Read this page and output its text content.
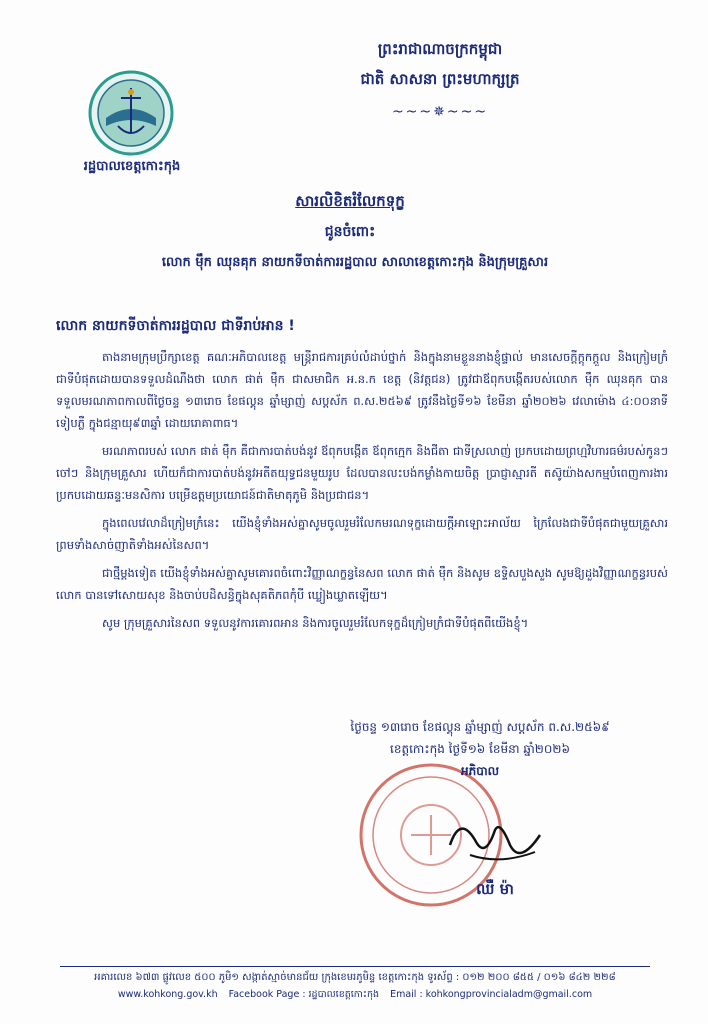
រដ្ឋបាលខេត្តកោះកុង
ព្រះរាជាណាចក្រកម្ពុជា
ជាតិ សាសនា ព្រះមហាក្សត្រ
~~~✵~~~
សារលិខិតរំលែកទុក្ខ
ជូនចំពោះ
លោក ម៉ឹក ឈុនគុក នាយកទីចាត់ការរដ្ឋបាល សាលាខេត្តកោះកុង និងក្រុមគ្រួសារ
លោក នាយកទីចាត់ការរដ្ឋបាល ជាទីរាប់អាន !

តាងនាមក្រុមប្រឹក្សាខេត្ត គណៈអភិបាលខេត្ត មន្ត្រីរាជការគ្រប់លំដាប់ថ្នាក់ និងក្នុងនាមខ្លួននាងខ្ញុំផ្ទាល់ មានសេចក្តីក្តុកក្តួល និងក្រៀមក្រំជាទីបំផុតដោយបានទទួលដំណឹងថា លោក ផាត់ ម៉ឹក ជាសមាជិក អ.ន.ក ខេត្ត (និវត្តជន) ត្រូវជាឪពុកបង្កើតរបស់លោក ម៉ឹក ឈុនគុក បានទទួលមរណភាពកាលពីថ្ងៃចន្ទ ១៣រោច ខែផល្គុន ឆ្នាំម្សាញ់ សប្តស័ក ព.ស.២៥៦៩ ត្រូវនឹងថ្ងៃទី១៦ ខែមីនា ឆ្នាំ២០២៦ វេលាម៉ោង ៤:០០នាទី ទៀបភ្លឺ ក្នុងជន្មាយុ៩៣ឆ្នាំ ដោយរោគាពាធ។

មរណភាពរបស់ លោក ផាត់ ម៉ឹក គឺជាការបាត់បង់នូវ ឪពុកបង្កើត ឪពុកក្មេក និងជីតា ជាទីស្រលាញ់ ប្រកបដោយព្រហ្មវិហារធម៌របស់កូនៗ ចៅៗ និងក្រុមគ្រួសារ ហើយក៏ជាការបាត់បង់នូវអតីតយុទ្ធជនមួយរូប ដែលបានលះបង់កម្លាំងកាយចិត្ត ប្រាជ្ញាស្មារតី តស៊ូយ៉ាងសកម្មបំពេញការងារប្រកបដោយឆន្ទៈមនសិការ បម្រើឧត្តមប្រយោជន៍ជាតិមាតុភូមិ និងប្រជាជន។

ក្នុងពេលវេលាដ៏ក្រៀមក្រំនេះ យើងខ្ញុំទាំងអស់គ្នាសូមចូលរួមរំលែកមរណទុក្ខដោយក្តីអាឡោះអាល័យ ក្រៃលែងជាទីបំផុតជាមួយគ្រួសារ ព្រមទាំងសាច់ញាតិទាំងអស់នៃសព។

ជាថ្មីម្តងទៀត យើងខ្ញុំទាំងអស់គ្នាសូមគោរពចំពោះវិញ្ញាណក្ខន្ធនៃសព លោក ផាត់ ម៉ឹក និងសូម ឧទ្ទិសបួងសួង សូមឱ្យដួងវិញ្ញាណក្ខន្ធរបស់ លោក បានទៅសោយសុខ និងចាប់បដិសន្ធិក្នុងសុគតិភពកុំបី ឃ្លៀងឃ្លាតឡើយ។

សូម ក្រុមគ្រួសារនៃសព ទទួលនូវការគោរពអាន និងការចូលរួមរំលែកទុក្ខដ៏ក្រៀមក្រំជាទីបំផុតពីយើងខ្ញុំ។

ថ្ងៃចន្ទ ១៣រោច ខែផល្គុន ឆ្នាំម្សាញ់ សប្តស័ក ព.ស.២៥៦៩
ខេត្តកោះកុង ថ្ងៃទី១៦ ខែមីនា ឆ្នាំ២០២៦
អភិបាល
ឈឺ ម៉ា
អគារលេខ ៦៧៣ ផ្លូវលេខ ៥០០ ភូមិ១ សង្កាត់ស្មាច់មានជ័យ ក្រុងខេមរភូមិន្ទ ខេត្តកោះកុង ទូរស័ព្ទ : ០១២ ២០០ ៨៥៥ / ០១៦ ៨៤២ ២២៨
www.kohkong.gov.kh Facebook Page : រដ្ឋបាលខេត្តកោះកុង Email : kohkongprovincialadm@gmail.com
